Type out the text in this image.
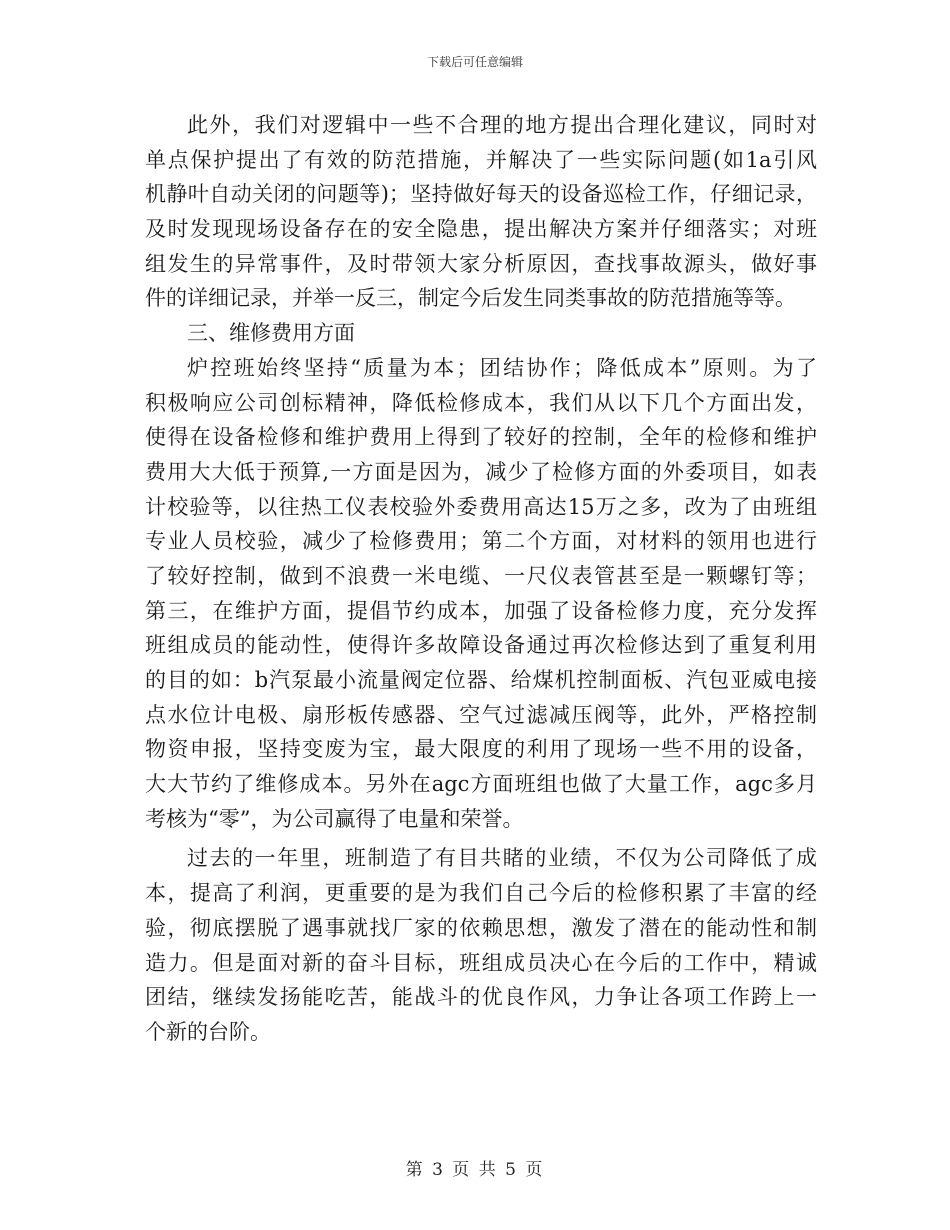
下载后可任意编辑
此外，我们对逻辑中一些不合理的地方提出合理化建议，同时对
单点保护提出了有效的防范措施，并解决了一些实际问题(如1a引风
机静叶自动关闭的问题等)；坚持做好每天的设备巡检工作，仔细记录，
及时发现现场设备存在的安全隐患，提出解决方案并仔细落实；对班
组发生的异常事件，及时带领大家分析原因，查找事故源头，做好事
件的详细记录，并举一反三，制定今后发生同类事故的防范措施等等。
三、维修费用方面
炉控班始终坚持“质量为本；团结协作；降低成本”原则。为了
积极响应公司创标精神，降低检修成本，我们从以下几个方面出发，
使得在设备检修和维护费用上得到了较好的控制，全年的检修和维护
费用大大低于预算,一方面是因为，减少了检修方面的外委项目，如表
计校验等，以往热工仪表校验外委费用高达15万之多，改为了由班组
专业人员校验，减少了检修费用；第二个方面，对材料的领用也进行
了较好控制，做到不浪费一米电缆、一尺仪表管甚至是一颗螺钉等；
第三，在维护方面，提倡节约成本，加强了设备检修力度，充分发挥
班组成员的能动性，使得许多故障设备通过再次检修达到了重复利用
的目的如：b汽泵最小流量阀定位器、给煤机控制面板、汽包亚威电接
点水位计电极、扇形板传感器、空气过滤减压阀等，此外，严格控制
物资申报，坚持变废为宝，最大限度的利用了现场一些不用的设备，
大大节约了维修成本。另外在agc方面班组也做了大量工作，agc多月
考核为“零”，为公司赢得了电量和荣誉。
过去的一年里，班制造了有目共睹的业绩，不仅为公司降低了成
本，提高了利润，更重要的是为我们自己今后的检修积累了丰富的经
验，彻底摆脱了遇事就找厂家的依赖思想，激发了潜在的能动性和制
造力。但是面对新的奋斗目标，班组成员决心在今后的工作中，精诚
团结，继续发扬能吃苦，能战斗的优良作风，力争让各项工作跨上一
个新的台阶。
第 3 页 共 5 页
